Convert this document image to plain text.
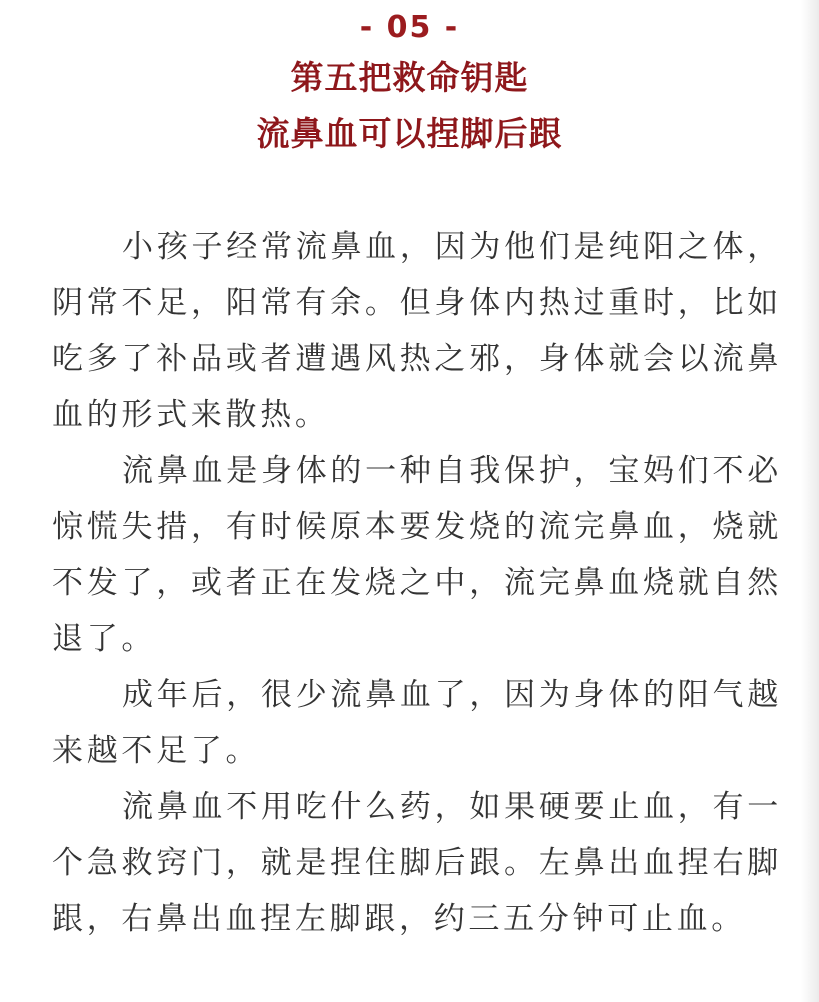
- 05 -
第五把救命钥匙
流鼻血可以捏脚后跟

小孩子经常流鼻血，因为他们是纯阳之体，阴常不足，阳常有余。但身体内热过重时，比如吃多了补品或者遭遇风热之邪，身体就会以流鼻血的形式来散热。

流鼻血是身体的一种自我保护，宝妈们不必惊慌失措，有时候原本要发烧的流完鼻血，烧就不发了，或者正在发烧之中，流完鼻血烧就自然退了。

成年后，很少流鼻血了，因为身体的阳气越来越不足了。

流鼻血不用吃什么药，如果硬要止血，有一个急救窍门，就是捏住脚后跟。左鼻出血捏右脚跟，右鼻出血捏左脚跟，约三五分钟可止血。
